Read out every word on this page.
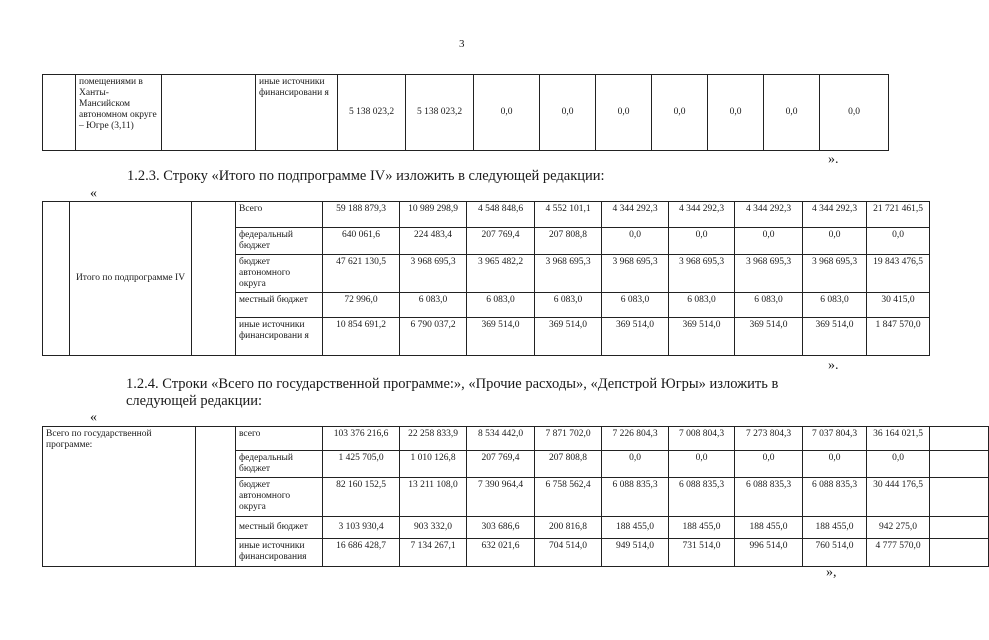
3
	помещениями в Ханты-Мансийском автономном округе – Югре (3,11)		иные источники финансировани я	5 138 023,2	5 138 023,2	0,0	0,0	0,0	0,0	0,0	0,0	0,0
».
1.2.3. Строку «Итого по подпрограмме IV» изложить в следующей редакции:
«
	Итого по подпрограмме IV		Всего	59 188 879,3	10 989 298,9	4 548 848,6	4 552 101,1	4 344 292,3	4 344 292,3	4 344 292,3	4 344 292,3	21 721 461,5
			федеральный бюджет	640 061,6	224 483,4	207 769,4	207 808,8	0,0	0,0	0,0	0,0	0,0
			бюджет автономного округа	47 621 130,5	3 968 695,3	3 965 482,2	3 968 695,3	3 968 695,3	3 968 695,3	3 968 695,3	3 968 695,3	19 843 476,5
			местный бюджет	72 996,0	6 083,0	6 083,0	6 083,0	6 083,0	6 083,0	6 083,0	6 083,0	30 415,0
			иные источники финансировани я	10 854 691,2	6 790 037,2	369 514,0	369 514,0	369 514,0	369 514,0	369 514,0	369 514,0	1 847 570,0
».
1.2.4. Строки «Всего по государственной программе:», «Прочие расходы», «Депстрой Югры» изложить в следующей редакции:
«
Всего по государственной программе:		всего	103 376 216,6	22 258 833,9	8 534 442,0	7 871 702,0	7 226 804,3	7 008 804,3	7 273 804,3	7 037 804,3	36 164 021,5	
		федеральный бюджет	1 425 705,0	1 010 126,8	207 769,4	207 808,8	0,0	0,0	0,0	0,0	0,0	
		бюджет автономного округа	82 160 152,5	13 211 108,0	7 390 964,4	6 758 562,4	6 088 835,3	6 088 835,3	6 088 835,3	6 088 835,3	30 444 176,5	
		местный бюджет	3 103 930,4	903 332,0	303 686,6	200 816,8	188 455,0	188 455,0	188 455,0	188 455,0	942 275,0	
		иные источники финансирования	16 686 428,7	7 134 267,1	632 021,6	704 514,0	949 514,0	731 514,0	996 514,0	760 514,0	4 777 570,0	
»,
